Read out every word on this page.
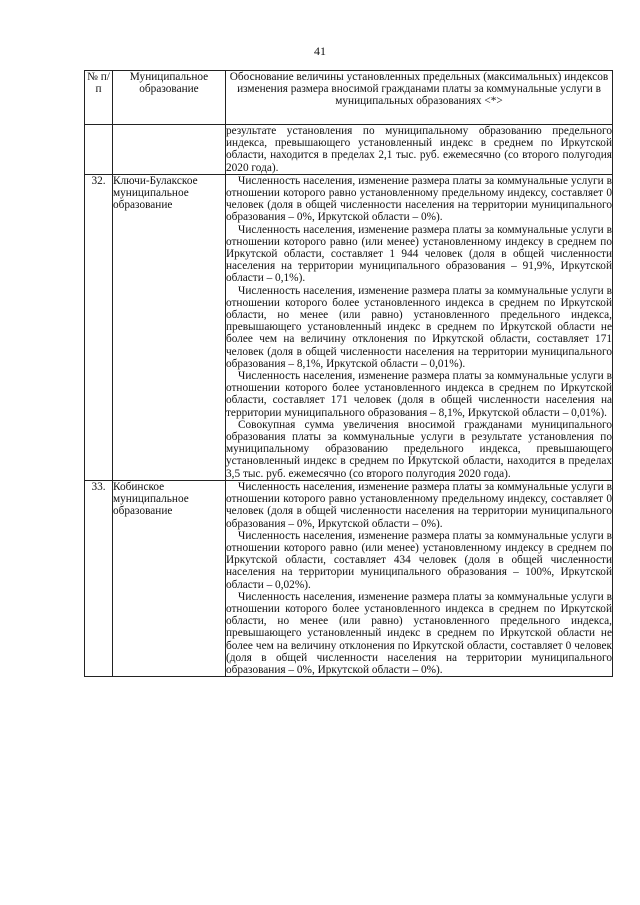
41
№ п/п	Муниципальное образование	Обоснование величины установленных предельных (максимальных) индексов изменения размера вносимой гражданами платы за коммунальные услуги в муниципальных образованиях <*>

		результате установления по муниципальному образованию предельного индекса, превышающего установленный индекс в среднем по Иркутской области, находится в пределах 2,1 тыс. руб. ежемесячно (со второго полугодия 2020 года).

32.	Ключи-Булакское муниципальное образование	Численность населения, изменение размера платы за коммунальные услуги в отношении которого равно установленному предельному индексу, составляет 0 человек (доля в общей численности населения на территории муниципального образования – 0%, Иркутской области – 0%).

Численность населения, изменение размера платы за коммунальные услуги в отношении которого равно (или менее) установленному индексу в среднем по Иркутской области, составляет 1 944 человек (доля в общей численности населения на территории муниципального образования – 91,9%, Иркутской области – 0,1%).

Численность населения, изменение размера платы за коммунальные услуги в отношении которого более установленного индекса в среднем по Иркутской области, но менее (или равно) установленного предельного индекса, превышающего установленный индекс в среднем по Иркутской области не более чем на величину отклонения по Иркутской области, составляет 171 человек (доля в общей численности населения на территории муниципального образования – 8,1%, Иркутской области – 0,01%).

Численность населения, изменение размера платы за коммунальные услуги в отношении которого более установленного индекса в среднем по Иркутской области, составляет 171 человек (доля в общей численности населения на территории муниципального образования – 8,1%, Иркутской области – 0,01%).

Совокупная сумма увеличения вносимой гражданами муниципального образования платы за коммунальные услуги в результате установления по муниципальному образованию предельного индекса, превышающего установленный индекс в среднем по Иркутской области, находится в пределах 3,5 тыс. руб. ежемесячно (со второго полугодия 2020 года).

33.	Кобинское муниципальное образование	Численность населения, изменение размера платы за коммунальные услуги в отношении которого равно установленному предельному индексу, составляет 0 человек (доля в общей численности населения на территории муниципального образования – 0%, Иркутской области – 0%).

Численность населения, изменение размера платы за коммунальные услуги в отношении которого равно (или менее) установленному индексу в среднем по Иркутской области, составляет 434 человек (доля в общей численности населения на территории муниципального образования – 100%, Иркутской области – 0,02%).

Численность населения, изменение размера платы за коммунальные услуги в отношении которого более установленного индекса в среднем по Иркутской области, но менее (или равно) установленного предельного индекса, превышающего установленный индекс в среднем по Иркутской области не более чем на величину отклонения по Иркутской области, составляет 0 человек (доля в общей численности населения на территории муниципального образования – 0%, Иркутской области – 0%).
